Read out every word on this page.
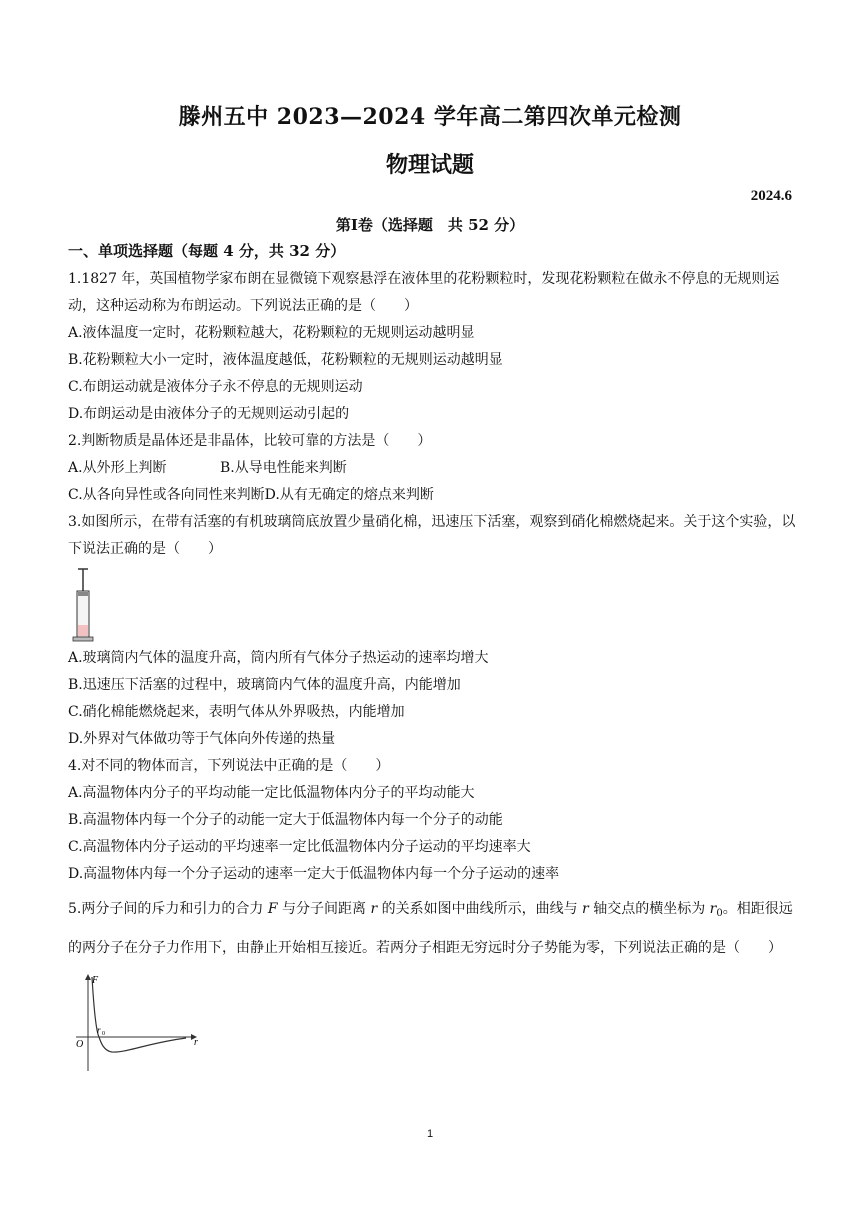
滕州五中 2023—2024 学年高二第四次单元检测
物理试题
2024.6
第Ⅰ卷（选择题　共 52 分）
一、单项选择题（每题 4 分，共 32 分）
1.1827 年，英国植物学家布朗在显微镜下观察悬浮在液体里的花粉颗粒时，发现花粉颗粒在做永不停息的无规则运动，这种运动称为布朗运动。下列说法正确的是（　　）
A.液体温度一定时，花粉颗粒越大，花粉颗粒的无规则运动越明显
B.花粉颗粒大小一定时，液体温度越低，花粉颗粒的无规则运动越明显
C.布朗运动就是液体分子永不停息的无规则运动
D.布朗运动是由液体分子的无规则运动引起的
2.判断物质是晶体还是非晶体，比较可靠的方法是（　　）
A.从外形上判断	B.从导电性能来判断
C.从各向异性或各向同性来判断D.从有无确定的熔点来判断
3.如图所示，在带有活塞的有机玻璃筒底放置少量硝化棉，迅速压下活塞，观察到硝化棉燃烧起来。关于这个实验，以下说法正确的是（　　）
A.玻璃筒内气体的温度升高，筒内所有气体分子热运动的速率均增大
B.迅速压下活塞的过程中，玻璃筒内气体的温度升高，内能增加
C.硝化棉能燃烧起来，表明气体从外界吸热，内能增加
D.外界对气体做功等于气体向外传递的热量
4.对不同的物体而言，下列说法中正确的是（　　）
A.高温物体内分子的平均动能一定比低温物体内分子的平均动能大
B.高温物体内每一个分子的动能一定大于低温物体内每一个分子的动能
C.高温物体内分子运动的平均速率一定比低温物体内分子运动的平均速率大
D.高温物体内每一个分子运动的速率一定大于低温物体内每一个分子运动的速率
5.两分子间的斥力和引力的合力 F 与分子间距离 r 的关系如图中曲线所示，曲线与 r 轴交点的横坐标为 $r_0$。相距很远的两分子在分子力作用下，由静止开始相互接近。若两分子相距无穷远时分子势能为零，下列说法正确的是（　　）
F
r
O
r 0
1
